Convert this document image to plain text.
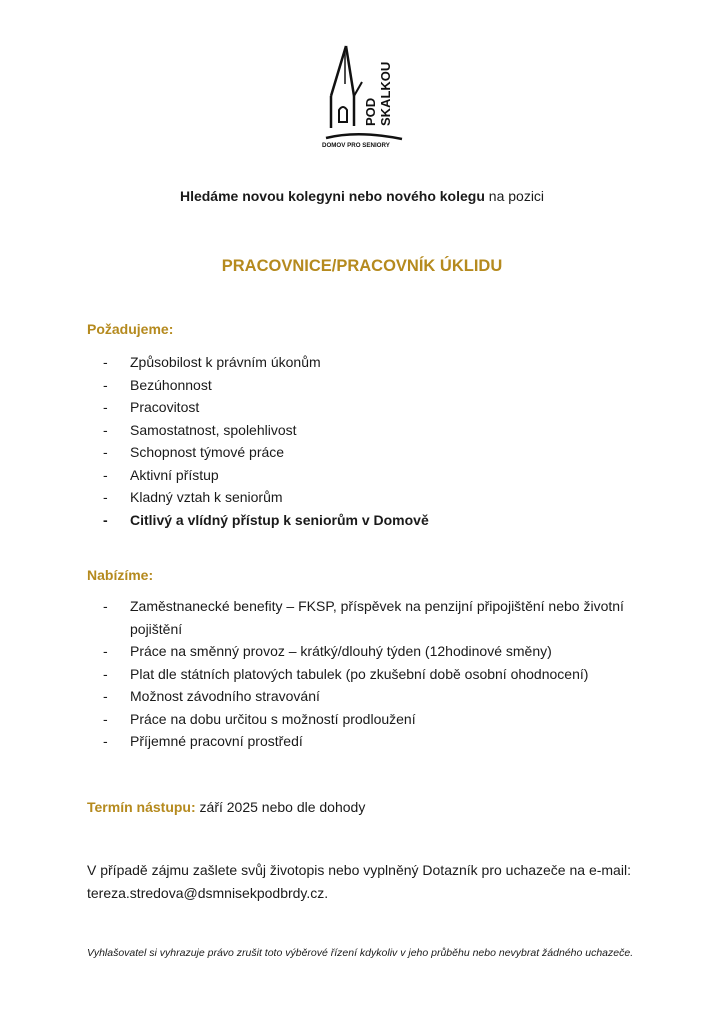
POD SKALKOU
DOMOV PRO SENIORY
Hledáme novou kolegyni nebo nového kolegu na pozici
PRACOVNICE/PRACOVNÍK ÚKLIDU
Požadujeme:
- Způsobilost k právním úkonům
- Bezúhonnost
- Pracovitost
- Samostatnost, spolehlivost
- Schopnost týmové práce
- Aktivní přístup
- Kladný vztah k seniorům
- Citlivý a vlídný přístup k seniorům v Domově
Nabízíme:
- Zaměstnanecké benefity – FKSP, příspěvek na penzijní připojištění nebo životní pojištění
- Práce na směnný provoz – krátký/dlouhý týden (12hodinové směny)
- Plat dle státních platových tabulek (po zkušební době osobní ohodnocení)
- Možnost závodního stravování
- Práce na dobu určitou s možností prodloužení
- Příjemné pracovní prostředí
Termín nástupu: září 2025 nebo dle dohody
V případě zájmu zašlete svůj životopis nebo vyplněný Dotazník pro uchazeče na e-mail: tereza.stredova@dsmnisekpodbrdy.cz.
Vyhlašovatel si vyhrazuje právo zrušit toto výběrové řízení kdykoliv v jeho průběhu nebo nevybrat žádného uchazeče.
